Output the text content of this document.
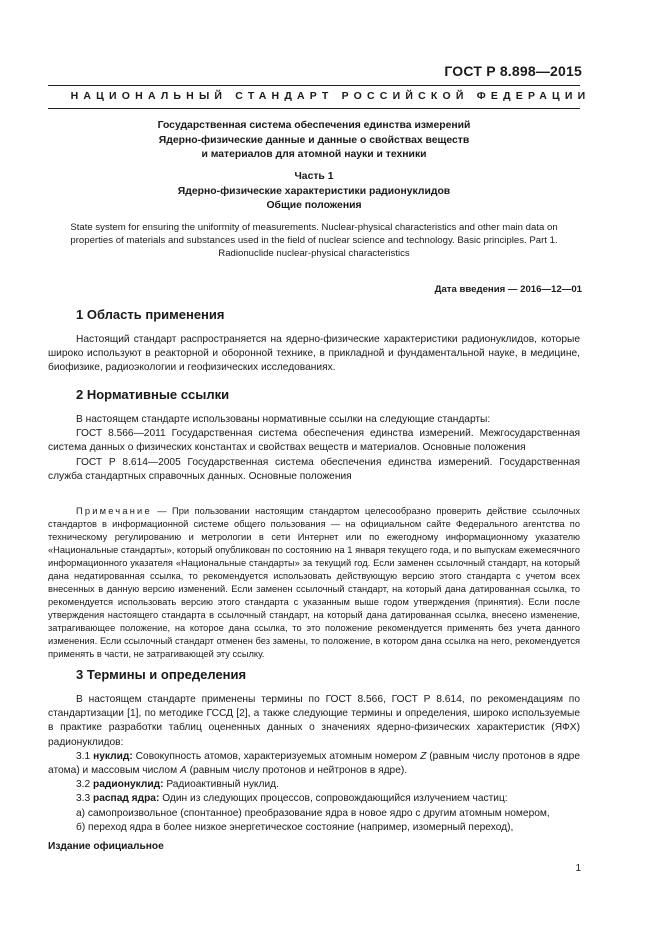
ГОСТ Р 8.898—2015
НАЦИОНАЛЬНЫЙ СТАНДАРТ РОССИЙСКОЙ ФЕДЕРАЦИИ
Государственная система обеспечения единства измерений
Ядерно-физические данные и данные о свойствах веществ
и материалов для атомной науки и техники
Часть 1
Ядерно-физические характеристики радионуклидов
Общие положения
State system for ensuring the uniformity of measurements. Nuclear-physical characteristics and other main data on properties of materials and substances used in the field of nuclear science and technology. Basic principles. Part 1. Radionuclide nuclear-physical characteristics
Дата введения — 2016—12—01
1 Область применения

Настоящий стандарт распространяется на ядерно-физические характеристики радионуклидов, которые широко используют в реакторной и оборонной технике, в прикладной и фундаментальной науке, в медицине, биофизике, радиоэкологии и геофизических исследованиях.

2 Нормативные ссылки

В настоящем стандарте использованы нормативные ссылки на следующие стандарты:

ГОСТ 8.566—2011 Государственная система обеспечения единства измерений. Межгосударственная система данных о физических константах и свойствах веществ и материалов. Основные положения

ГОСТ Р 8.614—2005 Государственная система обеспечения единства измерений. Государственная служба стандартных справочных данных. Основные положения

Примечание — При пользовании настоящим стандартом целесообразно проверить действие ссылочных стандартов в информационной системе общего пользования — на официальном сайте Федерального агентства по техническому регулированию и метрологии в сети Интернет или по ежегодному информационному указателю «Национальные стандарты», который опубликован по состоянию на 1 января текущего года, и по выпускам ежемесячного информационного указателя «Национальные стандарты» за текущий год. Если заменен ссылочный стандарт, на который дана недатированная ссылка, то рекомендуется использовать действующую версию этого стандарта с учетом всех внесенных в данную версию изменений. Если заменен ссылочный стандарт, на который дана датированная ссылка, то рекомендуется использовать версию этого стандарта с указанным выше годом утверждения (принятия). Если после утверждения настоящего стандарта в ссылочный стандарт, на который дана датированная ссылка, внесено изменение, затрагивающее положение, на которое дана ссылка, то это положение рекомендуется применять без учета данного изменения. Если ссылочный стандарт отменен без замены, то положение, в котором дана ссылка на него, рекомендуется применять в части, не затрагивающей эту ссылку.

3 Термины и определения

В настоящем стандарте применены термины по ГОСТ 8.566, ГОСТ Р 8.614, по рекомендациям по стандартизации [1], по методике ГССД [2], а также следующие термины и определения, широко используемые в практике разработки таблиц оцененных данных о значениях ядерно-физических характеристик (ЯФХ) радионуклидов:

3.1 нуклид: Совокупность атомов, характеризуемых атомным номером Z (равным числу протонов в ядре атома) и массовым числом A (равным числу протонов и нейтронов в ядре).

3.2 радионуклид: Радиоактивный нуклид.

3.3 распад ядра: Один из следующих процессов, сопровождающийся излучением частиц:

а) самопроизвольное (спонтанное) преобразование ядра в новое ядро с другим атомным номером,

б) переход ядра в более низкое энергетическое состояние (например, изомерный переход),

Издание официальное
1
